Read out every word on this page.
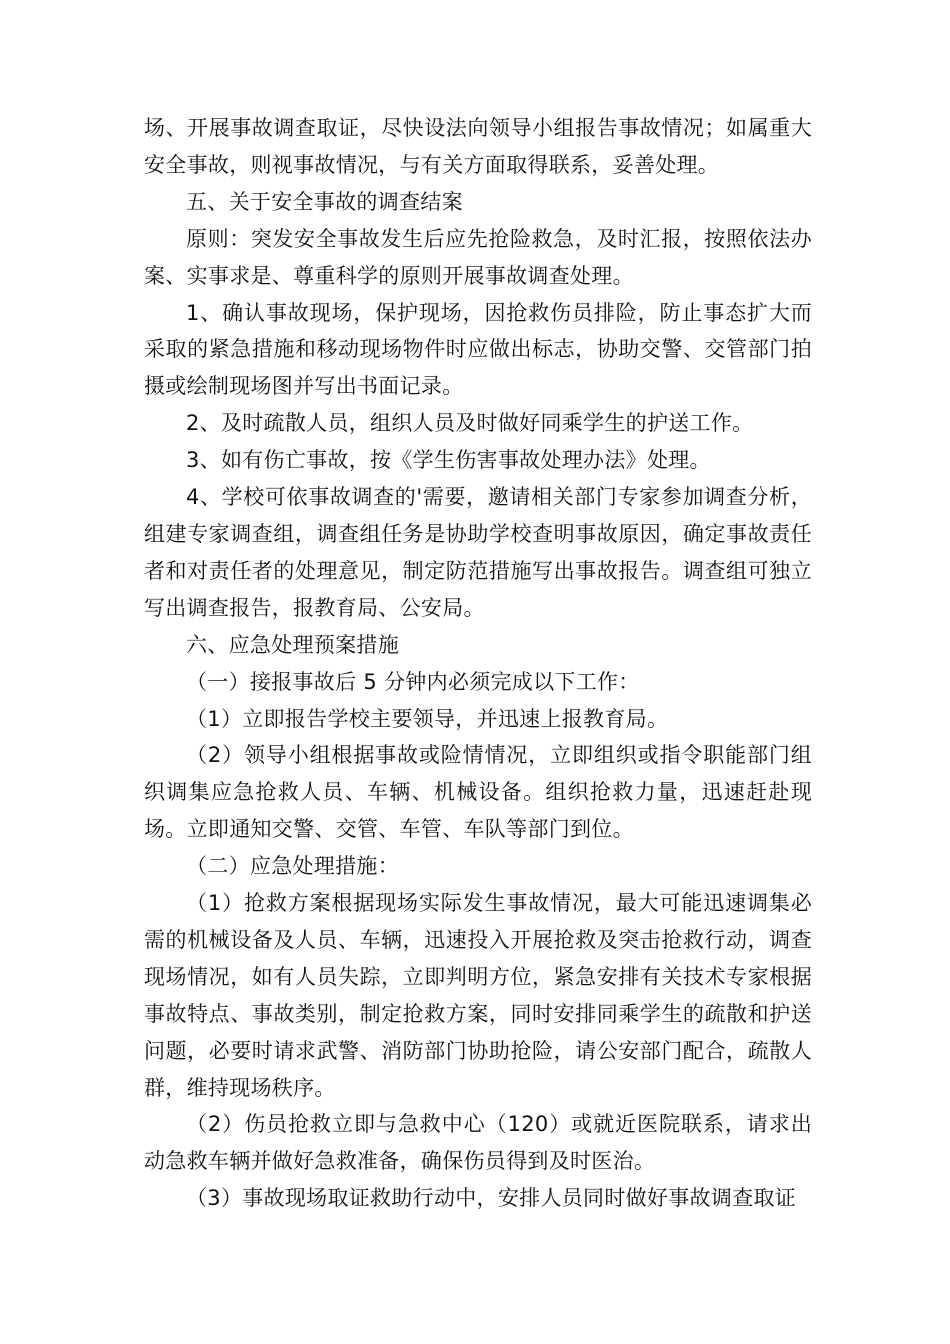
场、开展事故调查取证，尽快设法向领导小组报告事故情况；如属重大安全事故，则视事故情况，与有关方面取得联系，妥善处理。

五、关于安全事故的调查结案

原则：突发安全事故发生后应先抢险救急，及时汇报，按照依法办案、实事求是、尊重科学的原则开展事故调查处理。

1、确认事故现场，保护现场，因抢救伤员排险，防止事态扩大而采取的紧急措施和移动现场物件时应做出标志，协助交警、交管部门拍摄或绘制现场图并写出书面记录。

2、及时疏散人员，组织人员及时做好同乘学生的护送工作。

3、如有伤亡事故，按《学生伤害事故处理办法》处理。

4、学校可依事故调查的'需要，邀请相关部门专家参加调查分析，组建专家调查组，调查组任务是协助学校查明事故原因，确定事故责任者和对责任者的处理意见，制定防范措施写出事故报告。调查组可独立写出调查报告，报教育局、公安局。

六、应急处理预案措施

（一）接报事故后 5 分钟内必须完成以下工作：

（1）立即报告学校主要领导，并迅速上报教育局。

（2）领导小组根据事故或险情情况，立即组织或指令职能部门组织调集应急抢救人员、车辆、机械设备。组织抢救力量，迅速赶赴现场。立即通知交警、交管、车管、车队等部门到位。

（二）应急处理措施：

（1）抢救方案根据现场实际发生事故情况，最大可能迅速调集必需的机械设备及人员、车辆，迅速投入开展抢救及突击抢救行动，调查现场情况，如有人员失踪，立即判明方位，紧急安排有关技术专家根据事故特点、事故类别，制定抢救方案，同时安排同乘学生的疏散和护送问题，必要时请求武警、消防部门协助抢险，请公安部门配合，疏散人群，维持现场秩序。

（2）伤员抢救立即与急救中心（120）或就近医院联系，请求出动急救车辆并做好急救准备，确保伤员得到及时医治。

（3）事故现场取证救助行动中，安排人员同时做好事故调查取证
